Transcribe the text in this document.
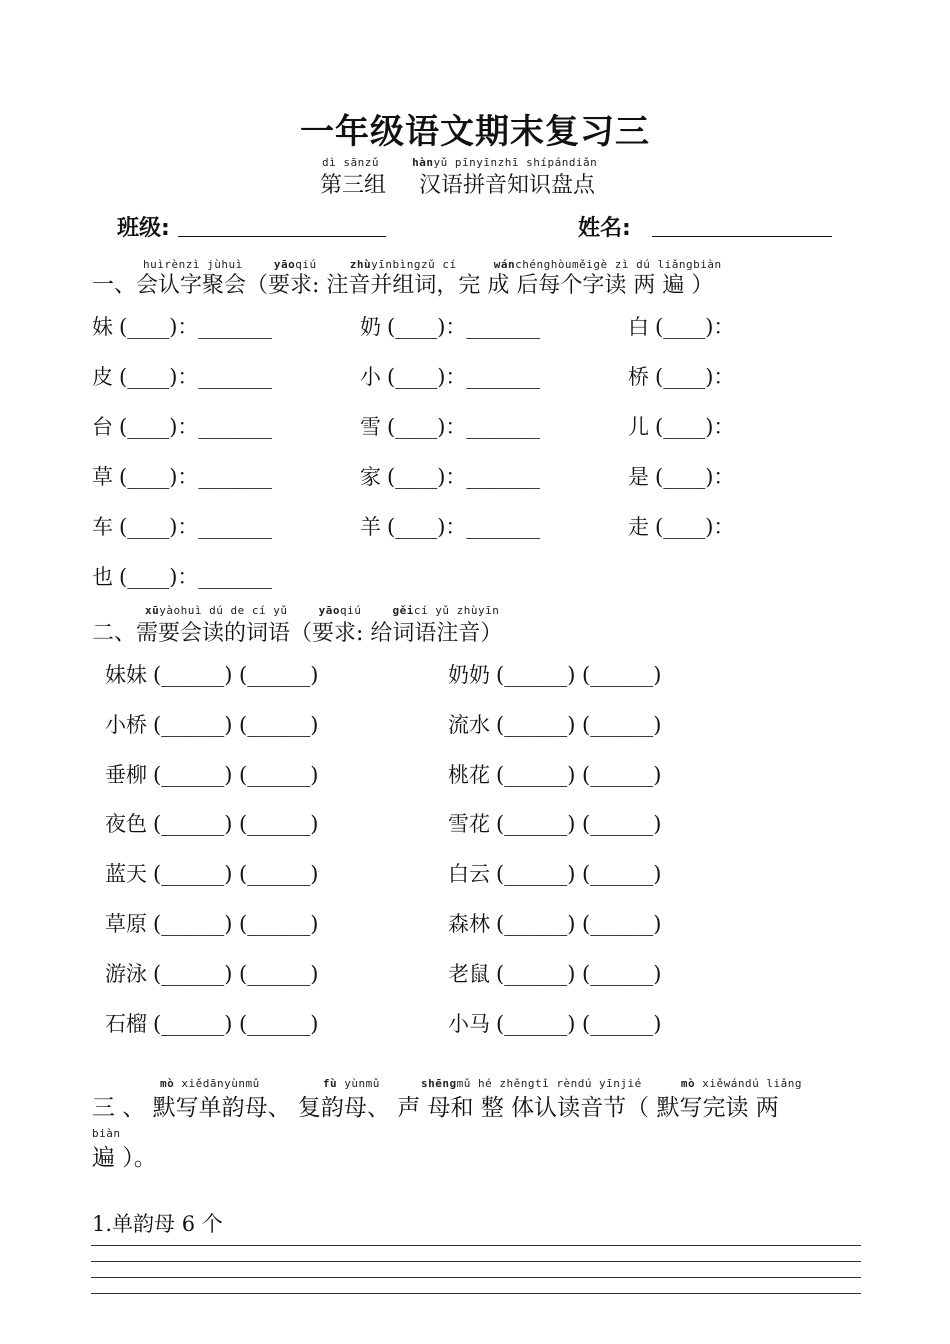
一年级语文期末复习三
dì sānzǔ	hànyǔ pīnyīnzhī shípándiǎn
第三组 汉语拼音知识盘点
班级:	姓名:
huìrènzì jùhuì	yāoqiú	zhùyīnbìngzǔ cí	wánchénghòuměigè zì dú liǎngbiàn
一、会认字聚会（要求: 注音并组词，完 成 后每个字读 两 遍 ）
妹 (____)：_______	奶 (____)：_______	白 (____)：
皮 (____)：_______	小 (____)：_______	桥 (____)：
台 (____)：_______	雪 (____)：_______	儿 (____)：
草 (____)：_______	家 (____)：_______	是 (____)：
车 (____)：_______	羊 (____)：_______	走 (____)：
也 (____)：_______
xūyàohuì dú de cí yǔ	yāoqiú	gěicí yǔ zhùyīn
二、需要会读的词语（要求: 给词语注音）
妹妹 (______) (______)	奶奶 (______) (______)
小桥 (______) (______)	流水 (______) (______)
垂柳 (______) (______)	桃花 (______) (______)
夜色 (______) (______)	雪花 (______) (______)
蓝天 (______) (______)	白云 (______) (______)
草原 (______) (______)	森林 (______) (______)
游泳 (______) (______)	老鼠 (______) (______)
石榴 (______) (______)	小马 (______) (______)
mò xiědānyùnmǔ	fù yùnmǔ	shēngmǔ hé zhěngtǐ rèndú yīnjié	mò xiěwándú liǎng
三 、 默写单韵母、 复韵母、 声 母和 整 体认读音节（ 默写完读 两
biàn
遍 ）。
1.单韵母 6 个
